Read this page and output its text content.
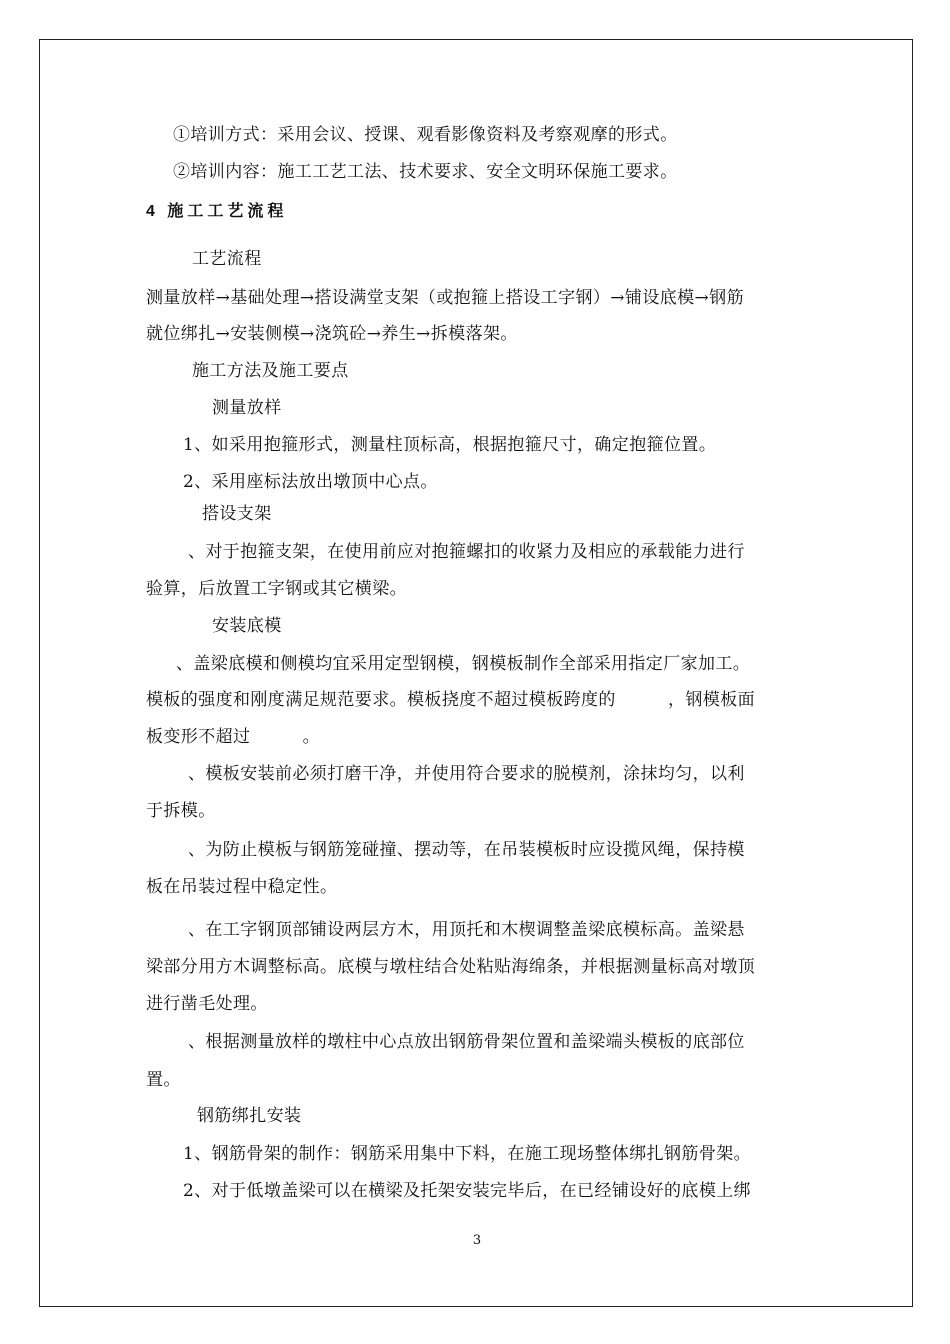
①培训方式：采用会议、授课、观看影像资料及考察观摩的形式。
②培训内容：施工工艺工法、技术要求、安全文明环保施工要求。
4 施工工艺流程
工艺流程
测量放样→基础处理→搭设满堂支架（或抱箍上搭设工字钢）→铺设底模→钢筋
就位绑扎→安装侧模→浇筑砼→养生→拆模落架。
施工方法及施工要点
测量放样
1、如采用抱箍形式，测量柱顶标高，根据抱箍尺寸，确定抱箍位置。
2、采用座标法放出墩顶中心点。
搭设支架
、对于抱箍支架，在使用前应对抱箍螺扣的收紧力及相应的承载能力进行
验算，后放置工字钢或其它横梁。
安装底模
、盖梁底模和侧模均宜采用定型钢模，钢模板制作全部采用指定厂家加工。
模板的强度和刚度满足规范要求。模板挠度不超过模板跨度的　　　，钢模板面
板变形不超过　　　。
、模板安装前必须打磨干净，并使用符合要求的脱模剂，涂抹均匀，以利
于拆模。
、为防止模板与钢筋笼碰撞、摆动等，在吊装模板时应设揽风绳，保持模
板在吊装过程中稳定性。
、在工字钢顶部铺设两层方木，用顶托和木楔调整盖梁底模标高。盖梁悬
梁部分用方木调整标高。底模与墩柱结合处粘贴海绵条，并根据测量标高对墩顶
进行凿毛处理。
、根据测量放样的墩柱中心点放出钢筋骨架位置和盖梁端头模板的底部位
置。
钢筋绑扎安装
1、钢筋骨架的制作：钢筋采用集中下料，在施工现场整体绑扎钢筋骨架。
2、对于低墩盖梁可以在横梁及托架安装完毕后，在已经铺设好的底模上绑
3
